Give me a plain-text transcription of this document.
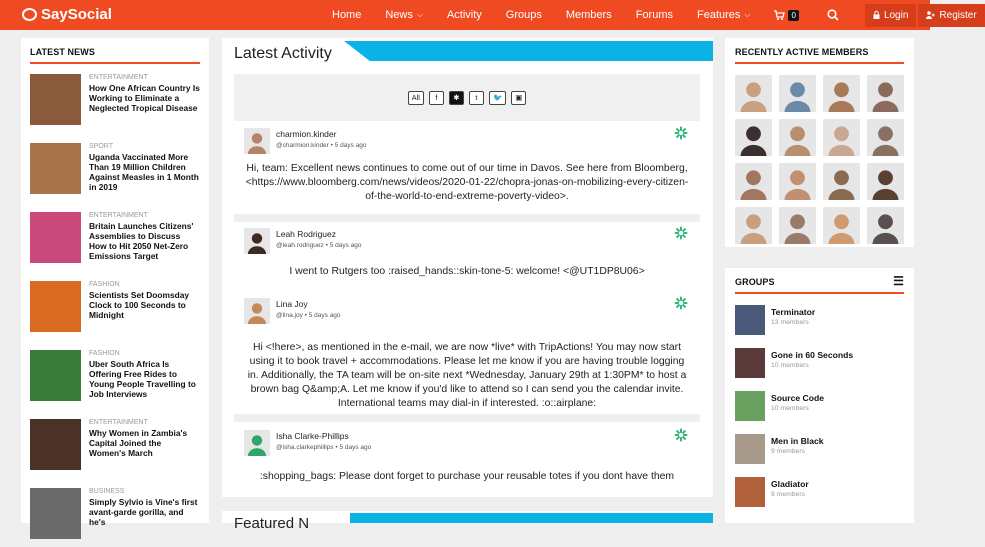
SaySocial	Home News ⌵ Activity Groups Members Forums Features ⌵	0	Login	Register
LATEST NEWS
ENTERTAINMENT
How One African Country Is Working to Eliminate a Neglected Tropical Disease
SPORT
Uganda Vaccinated More Than 19 Million Children Against Measles in 1 Month in 2019
ENTERTAINMENT
Britain Launches Citizens' Assemblies to Discuss How to Hit 2050 Net-Zero Emissions Target
FASHION
Scientists Set Doomsday Clock to 100 Seconds to Midnight
FASHION
Uber South Africa Is Offering Free Rides to Young People Travelling to Job Interviews
ENTERTAINMENT
Why Women in Zambia's Capital Joined the Women's March
BUSINESS
Simply Sylvio is Vine's first avant-garde gorilla, and he's
Latest Activity
All	f	✱	t	🐦	▣
charmion.kinder
@charmion.kinder • 5 days ago
Hi, team: Excellent news continues to come out of our time in Davos. See here from Bloomberg, <https://www.bloomberg.com/news/videos/2020-01-22/chopra-jonas-on-mobilizing-every-citizen-of-the-world-to-end-extreme-poverty-video>.
Leah Rodriguez
@leah.rodriguez • 5 days ago
I went to Rutgers too :raised_hands::skin-tone-5: welcome! <@UT1DP8U06>
Lina Joy
@lina.joy • 5 days ago
Hi <!here>, as mentioned in the e-mail, we are now *live* with TripActions! You may now start using it to book travel + accommodations. Please let me know if you are having trouble logging in. Additionally, the TA team will be on-site next *Wednesday, January 29th at 1:30PM* to host a brown bag Q&amp;A. Let me know if you'd like to attend so I can send you the calendar invite. International teams may dial-in if interested. :o::airplane:
Isha Clarke-Phillips
@isha.clarkephillips • 5 days ago
:shopping_bags: Please dont forget to purchase your reusable totes if you dont have them
Featured N
RECENTLY ACTIVE MEMBERS
GROUPS	☰
Terminator
13 members
Gone in 60 Seconds
10 members
Source Code
10 members
Men in Black
9 members
Gladiator
8 members
